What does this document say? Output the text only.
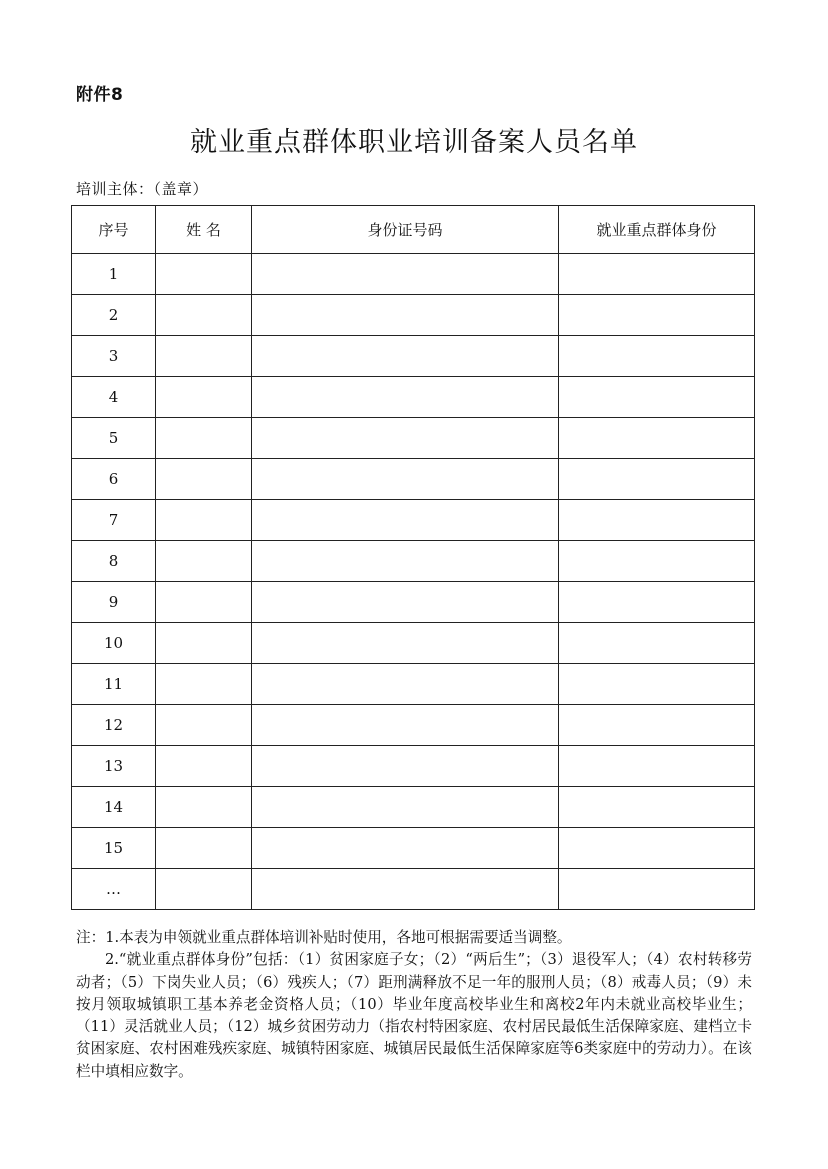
附件8
就业重点群体职业培训备案人员名单
培训主体：（盖章）
序号	姓 名	身份证号码	就业重点群体身份
1			
2			
3			
4			
5			
6			
7			
8			
9			
10			
11			
12			
13			
14			
15			
…			

注：1.本表为申领就业重点群体培训补贴时使用，各地可根据需要适当调整。

2.“就业重点群体身份”包括：（1）贫困家庭子女；（2）“两后生”；（3）退役军人；（4）农村转移劳动者；（5）下岗失业人员；（6）残疾人；（7）距刑满释放不足一年的服刑人员；（8）戒毒人员；（9）未按月领取城镇职工基本养老金资格人员；（10）毕业年度高校毕业生和离校2年内未就业高校毕业生；（11）灵活就业人员；（12）城乡贫困劳动力（指农村特困家庭、农村居民最低生活保障家庭、建档立卡贫困家庭、农村困难残疾家庭、城镇特困家庭、城镇居民最低生活保障家庭等6类家庭中的劳动力）。在该栏中填相应数字。
